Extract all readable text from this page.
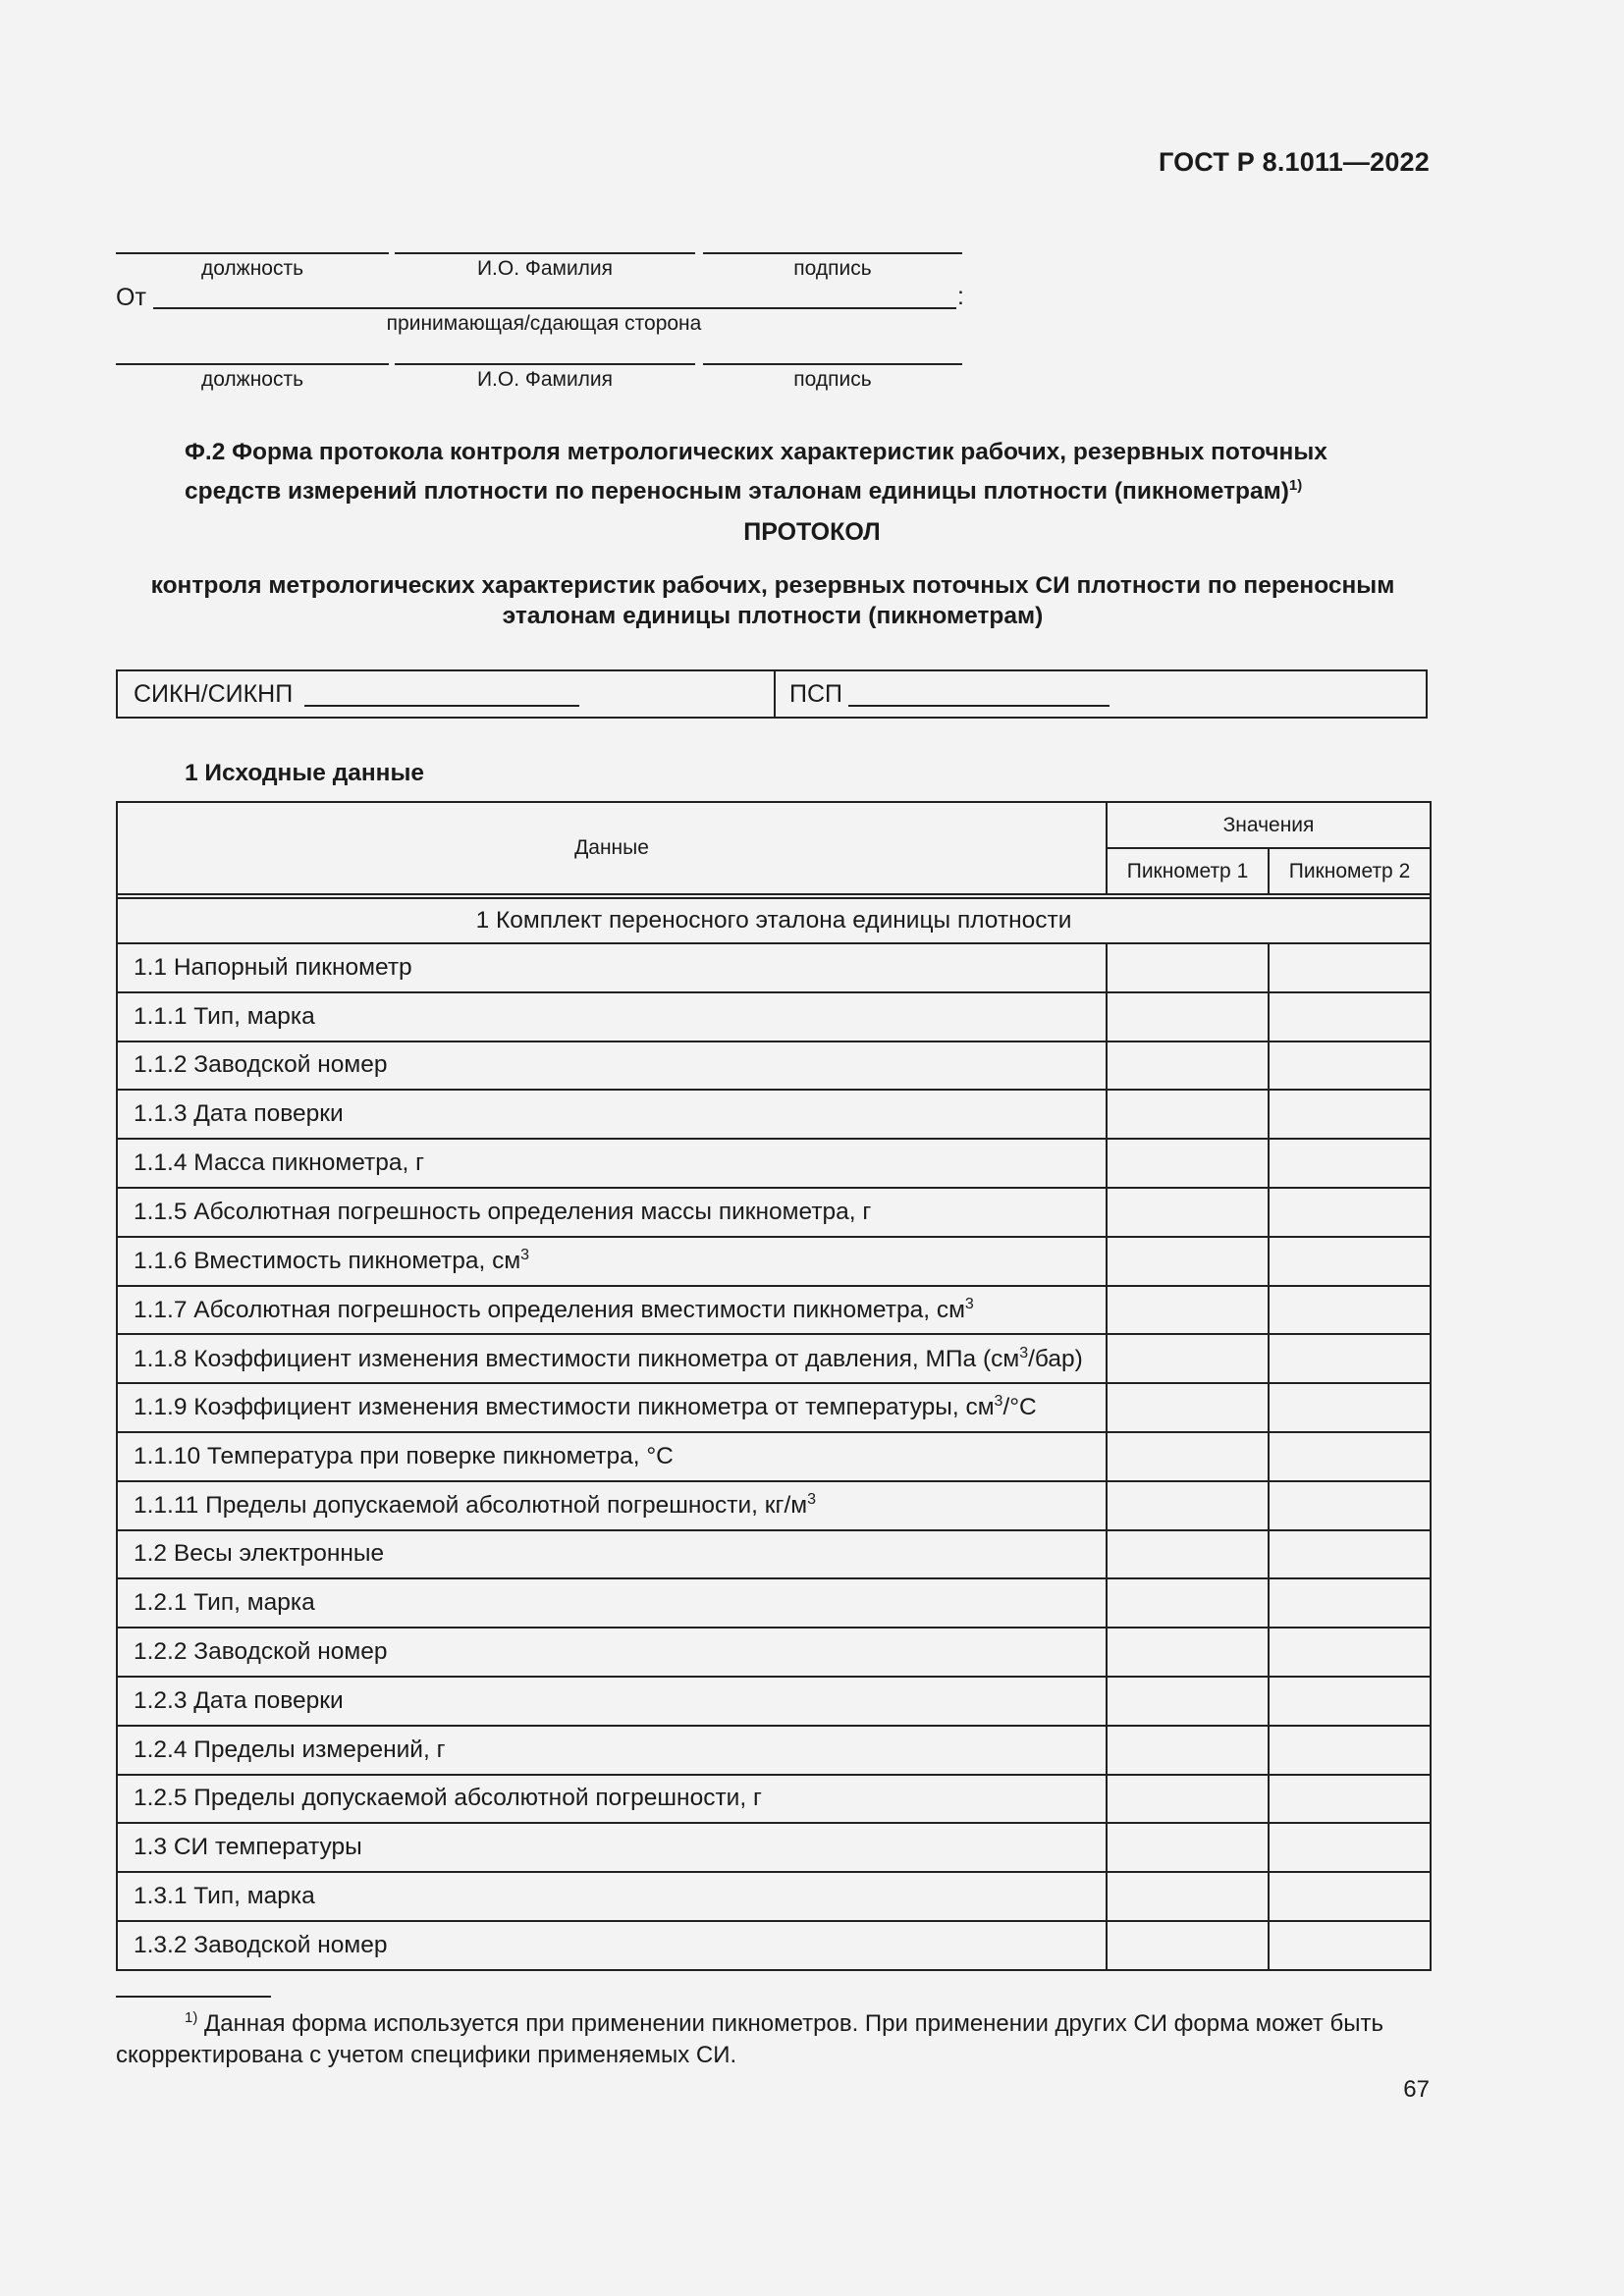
ГОСТ Р 8.1011—2022
должность	И.О. Фамилия	подпись
От	:
принимающая/сдающая сторона
должность	И.О. Фамилия	подпись
Ф.2 Форма протокола контроля метрологических характеристик рабочих, резервных поточных
средств измерений плотности по переносным эталонам единицы плотности (пикнометрам)$^{1)}$
ПРОТОКОЛ
контроля метрологических характеристик рабочих, резервных поточных СИ плотности по переносным
эталонам единицы плотности (пикнометрам)
СИКН/СИКНП	ПСП
1 Исходные данные
Данные	Значения	
	Пикнометр 1	Пикнометр 2

1 Комплект переносного эталона единицы плотности		
1.1 Напорный пикнометр		
1.1.1 Тип, марка		
1.1.2 Заводской номер		
1.1.3 Дата поверки		
1.1.4 Масса пикнометра, г		
1.1.5 Абсолютная погрешность определения массы пикнометра, г		
1.1.6 Вместимость пикнометра, $см^3$		
1.1.7 Абсолютная погрешность определения вместимости пикнометра, $см^3$		
1.1.8 Коэффициент изменения вместимости пикнометра от давления, МПа $(см^3/бар)$		
1.1.9 Коэффициент изменения вместимости пикнометра от температуры, $см^3/^\circ С$		
1.1.10 Температура при поверке пикнометра, °С		
1.1.11 Пределы допускаемой абсолютной погрешности, $кг/м^3$		
1.2 Весы электронные		
1.2.1 Тип, марка		
1.2.2 Заводской номер		
1.2.3 Дата поверки		
1.2.4 Пределы измерений, г		
1.2.5 Пределы допускаемой абсолютной погрешности, г		
1.3 СИ температуры		
1.3.1 Тип, марка		
1.3.2 Заводской номер		
$^{1)}$ Данная форма используется при применении пикнометров. При применении других СИ форма может быть скорректирована с учетом специфики применяемых СИ.
67
